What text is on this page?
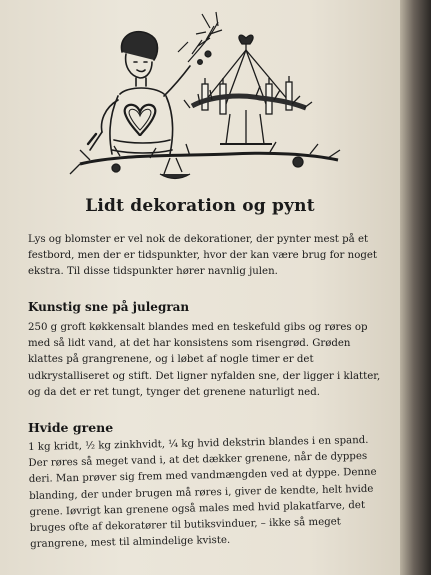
Lidt dekoration og pynt

Lys og blomster er vel nok de dekorationer, der pynter mest på et festbord, men der er tidspunkter, hvor der kan være brug for noget ekstra. Til disse tidspunkter hører navnlig julen.

Kunstig sne på julegran

250 g groft køkkensalt blandes med en teskefuld gibs og røres op med så lidt vand, at det har konsistens som risengrød. Grøden klattes på grangrenene, og i løbet af nogle timer er det udkrystalliseret og stift. Det ligner nyfalden sne, der ligger i klatter, og da det er ret tungt, tynger det grenene naturligt ned.

Hvide grene

1 kg kridt, ½ kg zinkhvidt, ¼ kg hvid dekstrin blandes i en spand. Der røres så meget vand i, at det dækker grenene, når de dyppes deri. Man prøver sig frem med vandmængden ved at dyppe. Denne blanding, der under brugen må røres i, giver de kendte, helt hvide grene. Iøvrigt kan grenene også males med hvid plakatfarve, det bruges ofte af dekoratører til butiksvinduer, – ikke så meget grangrene, mest til almindelige kviste.
